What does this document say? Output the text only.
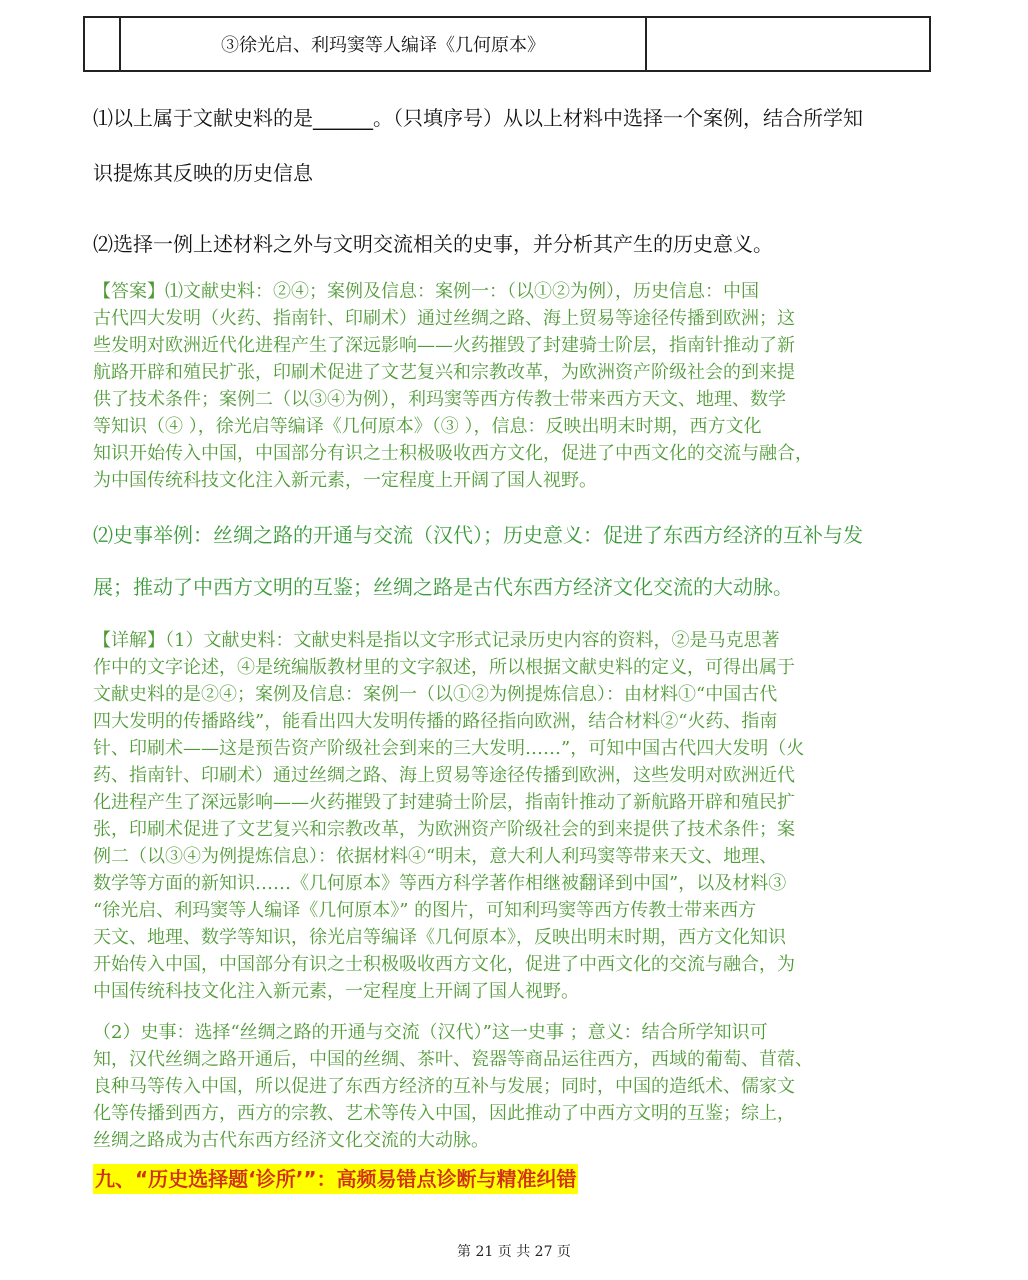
③徐光启、利玛窦等人编译《几何原本》
⑴以上属于文献史料的是______。（只填序号）从以上材料中选择一个案例，结合所学知
识提炼其反映的历史信息
⑵选择一例上述材料之外与文明交流相关的史事，并分析其产生的历史意义。

【答案】⑴文献史料：②④；案例及信息：案例一：（以①②为例），历史信息：中国

古代四大发明（火药、指南针、印刷术）通过丝绸之路、海上贸易等途径传播到欧洲；这

些发明对欧洲近代化进程产生了深远影响——火药摧毁了封建骑士阶层，指南针推动了新

航路开辟和殖民扩张，印刷术促进了文艺复兴和宗教改革，为欧洲资产阶级社会的到来提

供了技术条件；案例二（以③④为例），利玛窦等西方传教士带来西方天文、地理、数学

等知识（④ ），徐光启等编译《几何原本》（③ ），信息：反映出明末时期，西方文化

知识开始传入中国，中国部分有识之士积极吸收西方文化，促进了中西文化的交流与融合，

为中国传统科技文化注入新元素，一定程度上开阔了国人视野。

⑵史事举例：丝绸之路的开通与交流（汉代）；历史意义：促进了东西方经济的互补与发

展；推动了中西方文明的互鉴；丝绸之路是古代东西方经济文化交流的大动脉。

【详解】（1）文献史料：文献史料是指以文字形式记录历史内容的资料，②是马克思著

作中的文字论述，④是统编版教材里的文字叙述，所以根据文献史料的定义，可得出属于

文献史料的是②④；案例及信息：案例一（以①②为例提炼信息）：由材料①“中国古代

四大发明的传播路线”，能看出四大发明传播的路径指向欧洲，结合材料②“火药、指南

针、印刷术——这是预告资产阶级社会到来的三大发明……”，可知中国古代四大发明（火

药、指南针、印刷术）通过丝绸之路、海上贸易等途径传播到欧洲，这些发明对欧洲近代

化进程产生了深远影响——火药摧毁了封建骑士阶层，指南针推动了新航路开辟和殖民扩

张，印刷术促进了文艺复兴和宗教改革，为欧洲资产阶级社会的到来提供了技术条件；案

例二（以③④为例提炼信息）：依据材料④“明末，意大利人利玛窦等带来天文、地理、

数学等方面的新知识……《几何原本》等西方科学著作相继被翻译到中国”，以及材料③

“徐光启、利玛窦等人编译《几何原本》” 的图片，可知利玛窦等西方传教士带来西方

天文、地理、数学等知识，徐光启等编译《几何原本》，反映出明末时期，西方文化知识

开始传入中国，中国部分有识之士积极吸收西方文化，促进了中西文化的交流与融合，为

中国传统科技文化注入新元素，一定程度上开阔了国人视野。

（2）史事：选择“丝绸之路的开通与交流（汉代）”这一史事 ；意义：结合所学知识可

知，汉代丝绸之路开通后，中国的丝绸、茶叶、瓷器等商品运往西方，西域的葡萄、苜蓿、

良种马等传入中国，所以促进了东西方经济的互补与发展；同时，中国的造纸术、儒家文

化等传播到西方，西方的宗教、艺术等传入中国，因此推动了中西方文明的互鉴；综上，

丝绸之路成为古代东西方经济文化交流的大动脉。

九、“历史选择题‘诊所’”：高频易错点诊断与精准纠错
第 21 页 共 27 页
